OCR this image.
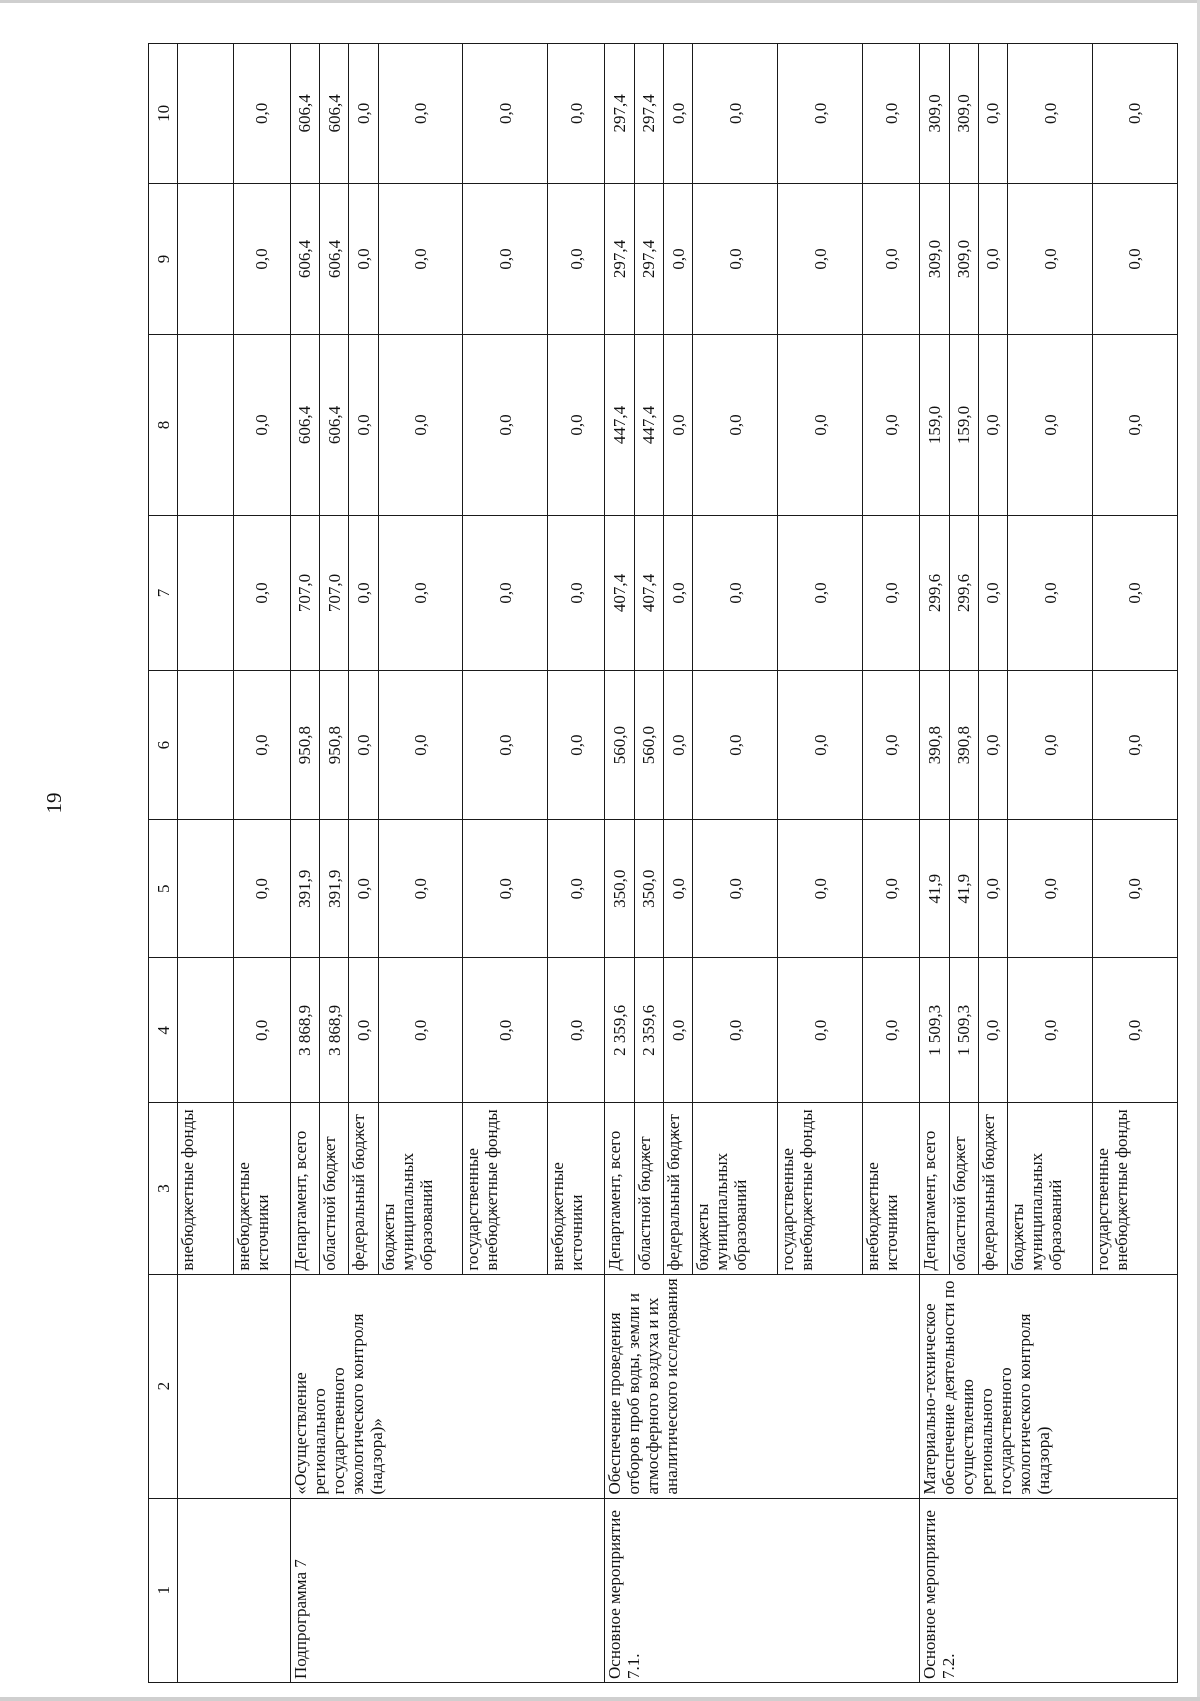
19
1	2	3	4	5	6	7	8	9	10
		внебюджетные фонды							
		внебюджетные источники	0,0	0,0	0,0	0,0	0,0	0,0	0,0
Подпрограмма 7	«Осуществление регионального государственного экологического контроля (надзора)»	Департамент, всего	3 868,9	391,9	950,8	707,0	606,4	606,4	606,4
		областной бюджет	3 868,9	391,9	950,8	707,0	606,4	606,4	606,4
		федеральный бюджет	0,0	0,0	0,0	0,0	0,0	0,0	0,0
		бюджеты муниципальных образований	0,0	0,0	0,0	0,0	0,0	0,0	0,0
		государственные внебюджетные фонды	0,0	0,0	0,0	0,0	0,0	0,0	0,0
		внебюджетные источники	0,0	0,0	0,0	0,0	0,0	0,0	0,0
Основное мероприятие 7.1.	Обеспечение проведения отборов проб воды, земли и атмосферного воздуха и их аналитического исследования	Департамент, всего	2 359,6	350,0	560,0	407,4	447,4	297,4	297,4
		областной бюджет	2 359,6	350,0	560,0	407,4	447,4	297,4	297,4
		федеральный бюджет	0,0	0,0	0,0	0,0	0,0	0,0	0,0
		бюджеты муниципальных образований	0,0	0,0	0,0	0,0	0,0	0,0	0,0
		государственные внебюджетные фонды	0,0	0,0	0,0	0,0	0,0	0,0	0,0
		внебюджетные источники	0,0	0,0	0,0	0,0	0,0	0,0	0,0
Основное мероприятие 7.2.	Материально-техническое обеспечение деятельности по осуществлению регионального государственного экологического контроля (надзора)	Департамент, всего	1 509,3	41,9	390,8	299,6	159,0	309,0	309,0
		областной бюджет	1 509,3	41,9	390,8	299,6	159,0	309,0	309,0
		федеральный бюджет	0,0	0,0	0,0	0,0	0,0	0,0	0,0
		бюджеты муниципальных образований	0,0	0,0	0,0	0,0	0,0	0,0	0,0
		государственные внебюджетные фонды	0,0	0,0	0,0	0,0	0,0	0,0	0,0
